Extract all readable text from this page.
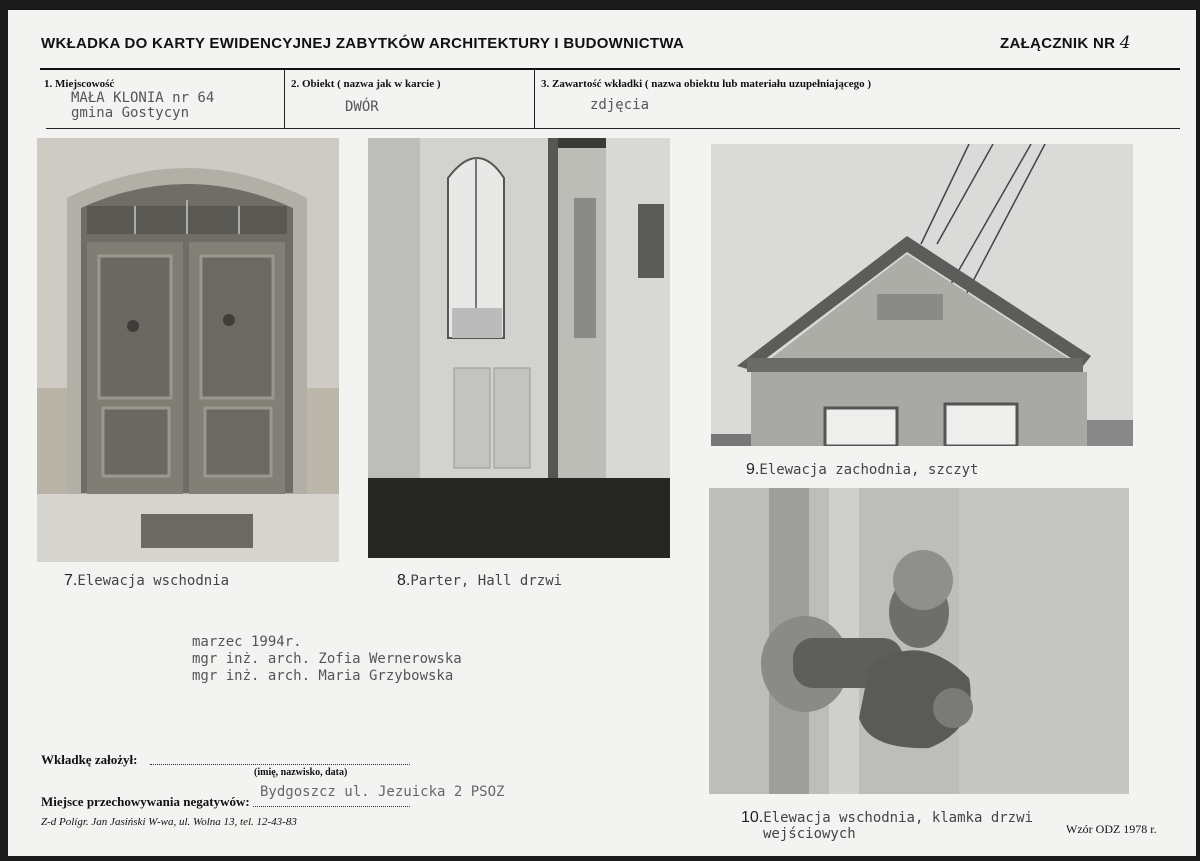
WKŁADKA DO KARTY EWIDENCYJNEJ ZABYTKÓW ARCHITEKTURY I BUDOWNICTWA	ZAŁĄCZNIK NR 4
1. Miejscowość
MAŁA KLONIA nr 64
gmina Gostycyn
2. Obiekt ( nazwa jak w karcie )
DWÓR
3. Zawartość wkładki ( nazwa obiektu lub materiału uzupełniającego )
zdjęcia
7.Elewacja wschodnia	8.Parter, Hall drzwi
9.Elewacja zachodnia, szczyt
10.Elewacja wschodnia, klamka drzwi
wejściowych
marzec 1994r.
mgr inż. arch. Zofia Wernerowska
mgr inż. arch. Maria Grzybowska
Wkładkę założył:
(imię, nazwisko, data)
Miejsce przechowywania negatywów:
Bydgoszcz ul. Jezuicka 2 PSOZ
Z-d Polígr. Jan Jasiński W-wa, ul. Wolna 13, tel. 12-43-83	Wzór ODZ 1978 r.
